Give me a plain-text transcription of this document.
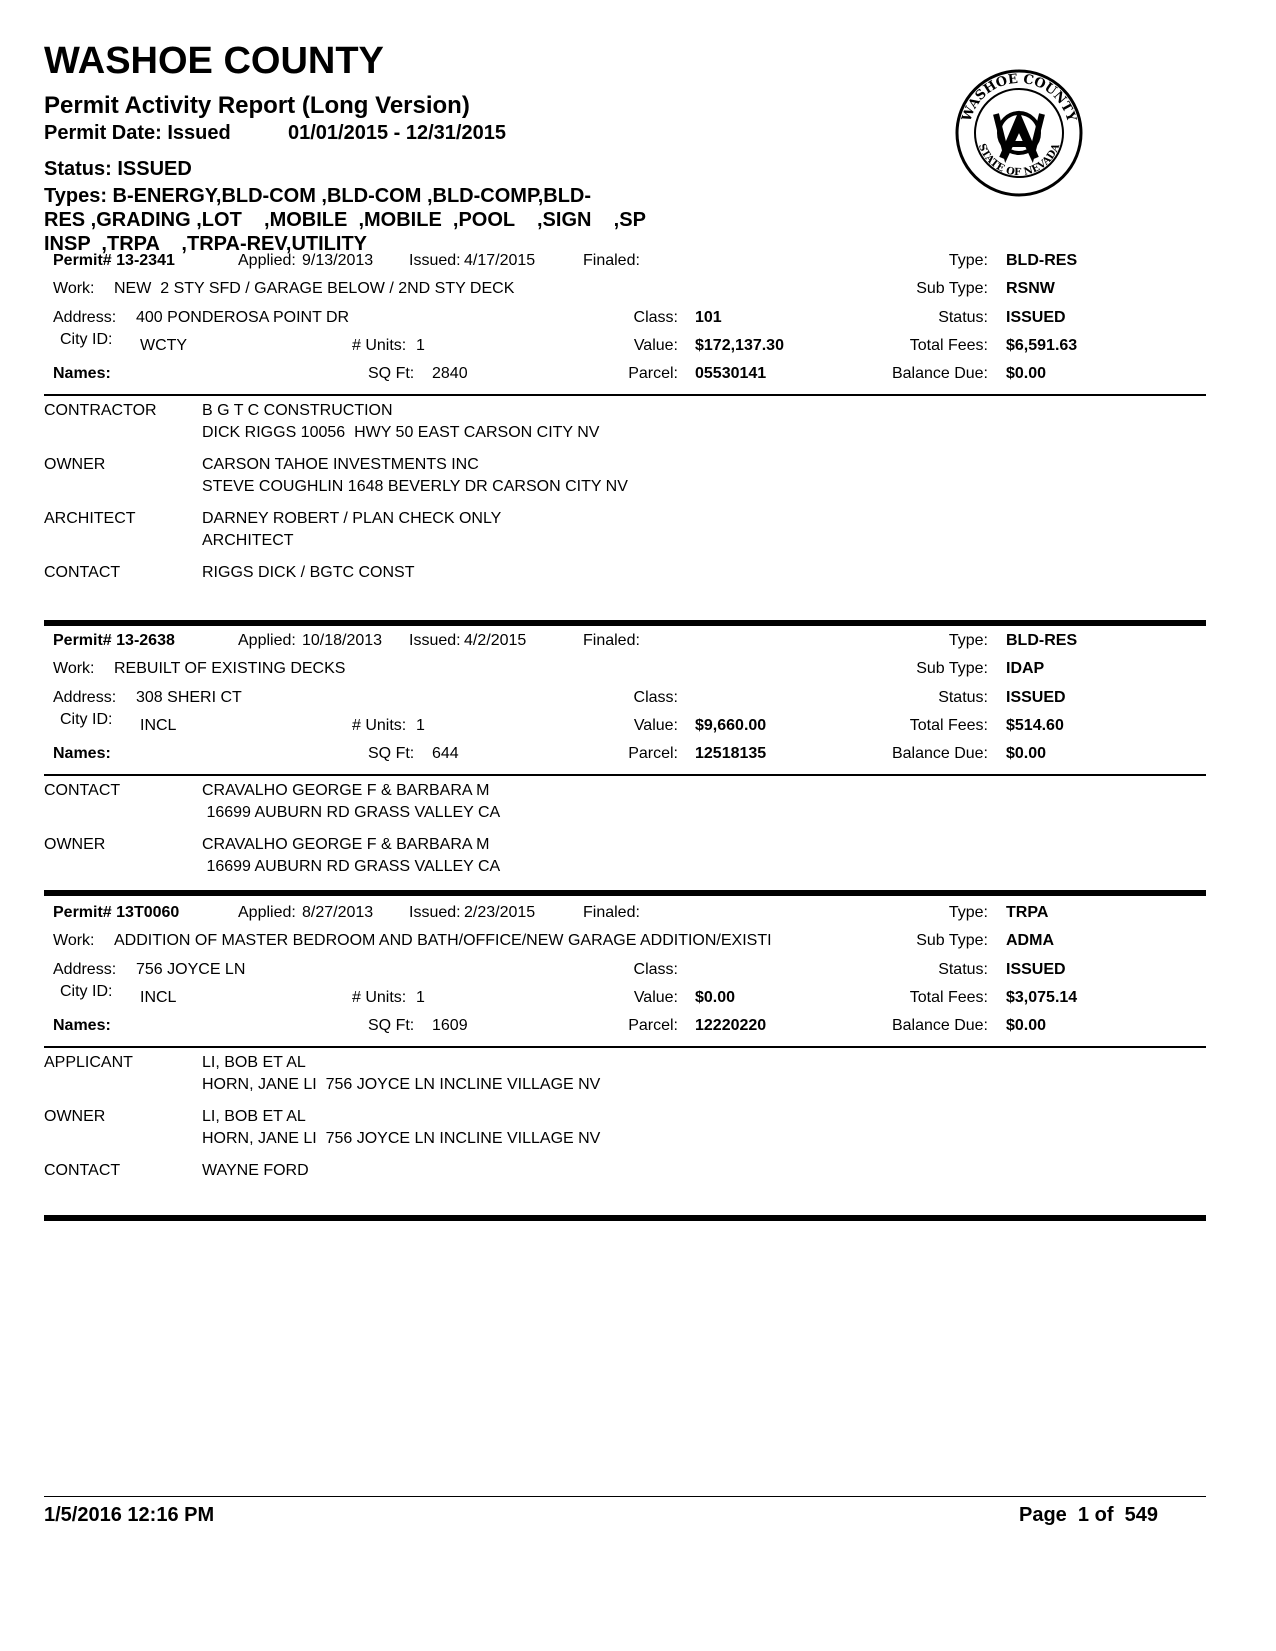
WASHOE COUNTY
Permit Activity Report (Long Version)
Permit Date: Issued	01/01/2015 - 12/31/2015
Status: ISSUED
Types: B-ENERGY,BLD-COM ,BLD-COM ,BLD-COMP,BLD-
RES ,GRADING ,LOT    ,MOBILE  ,MOBILE  ,POOL    ,SIGN    ,SP
INSP  ,TRPA    ,TRPA-REV,UTILITY

WASHOE COUNTY
STATE OF NEVADA

Permit# 13-2341	Applied: 9/13/2013 Issued: 4/17/2015	Finaled:	Type: BLD-RES
Work: NEW  2 STY SFD / GARAGE BELOW / 2ND STY DECK	Sub Type: RSNW
Address: 400 PONDEROSA POINT DR	Class: 101	Status: ISSUED
City ID: WCTY	# Units: 1	Value: $172,137.30	Total Fees: $6,591.63
Names:	SQ Ft: 2840	Parcel: 05530141	Balance Due: $0.00
CONTRACTOR	B G T C CONSTRUCTION
DICK RIGGS 10056  HWY 50 EAST CARSON CITY NV
OWNER	CARSON TAHOE INVESTMENTS INC
STEVE COUGHLIN 1648 BEVERLY DR CARSON CITY NV
ARCHITECT	DARNEY ROBERT / PLAN CHECK ONLY
ARCHITECT
CONTACT	RIGGS DICK / BGTC CONST
Permit# 13-2638	Applied: 10/18/2013 Issued: 4/2/2015	Finaled:	Type: BLD-RES
Work: REBUILT OF EXISTING DECKS	Sub Type: IDAP
Address: 308 SHERI CT	Class:	Status: ISSUED
City ID: INCL	# Units: 1	Value: $9,660.00	Total Fees: $514.60
Names:	SQ Ft: 644	Parcel: 12518135	Balance Due: $0.00
CONTACT	CRAVALHO GEORGE F & BARBARA M
16699 AUBURN RD GRASS VALLEY CA
OWNER	CRAVALHO GEORGE F & BARBARA M
16699 AUBURN RD GRASS VALLEY CA
Permit# 13T0060	Applied: 8/27/2013 Issued: 2/23/2015	Finaled:	Type: TRPA
Work: ADDITION OF MASTER BEDROOM AND BATH/OFFICE/NEW GARAGE ADDITION/EXISTI	Sub Type: ADMA
Address: 756 JOYCE LN	Class:	Status: ISSUED
City ID: INCL	# Units: 1	Value: $0.00	Total Fees: $3,075.14
Names:	SQ Ft: 1609	Parcel: 12220220	Balance Due: $0.00
APPLICANT	LI, BOB ET AL
HORN, JANE LI  756 JOYCE LN INCLINE VILLAGE NV
OWNER	LI, BOB ET AL
HORN, JANE LI  756 JOYCE LN INCLINE VILLAGE NV
CONTACT	WAYNE FORD
1/5/2016 12:16 PM	Page  1 of  549
